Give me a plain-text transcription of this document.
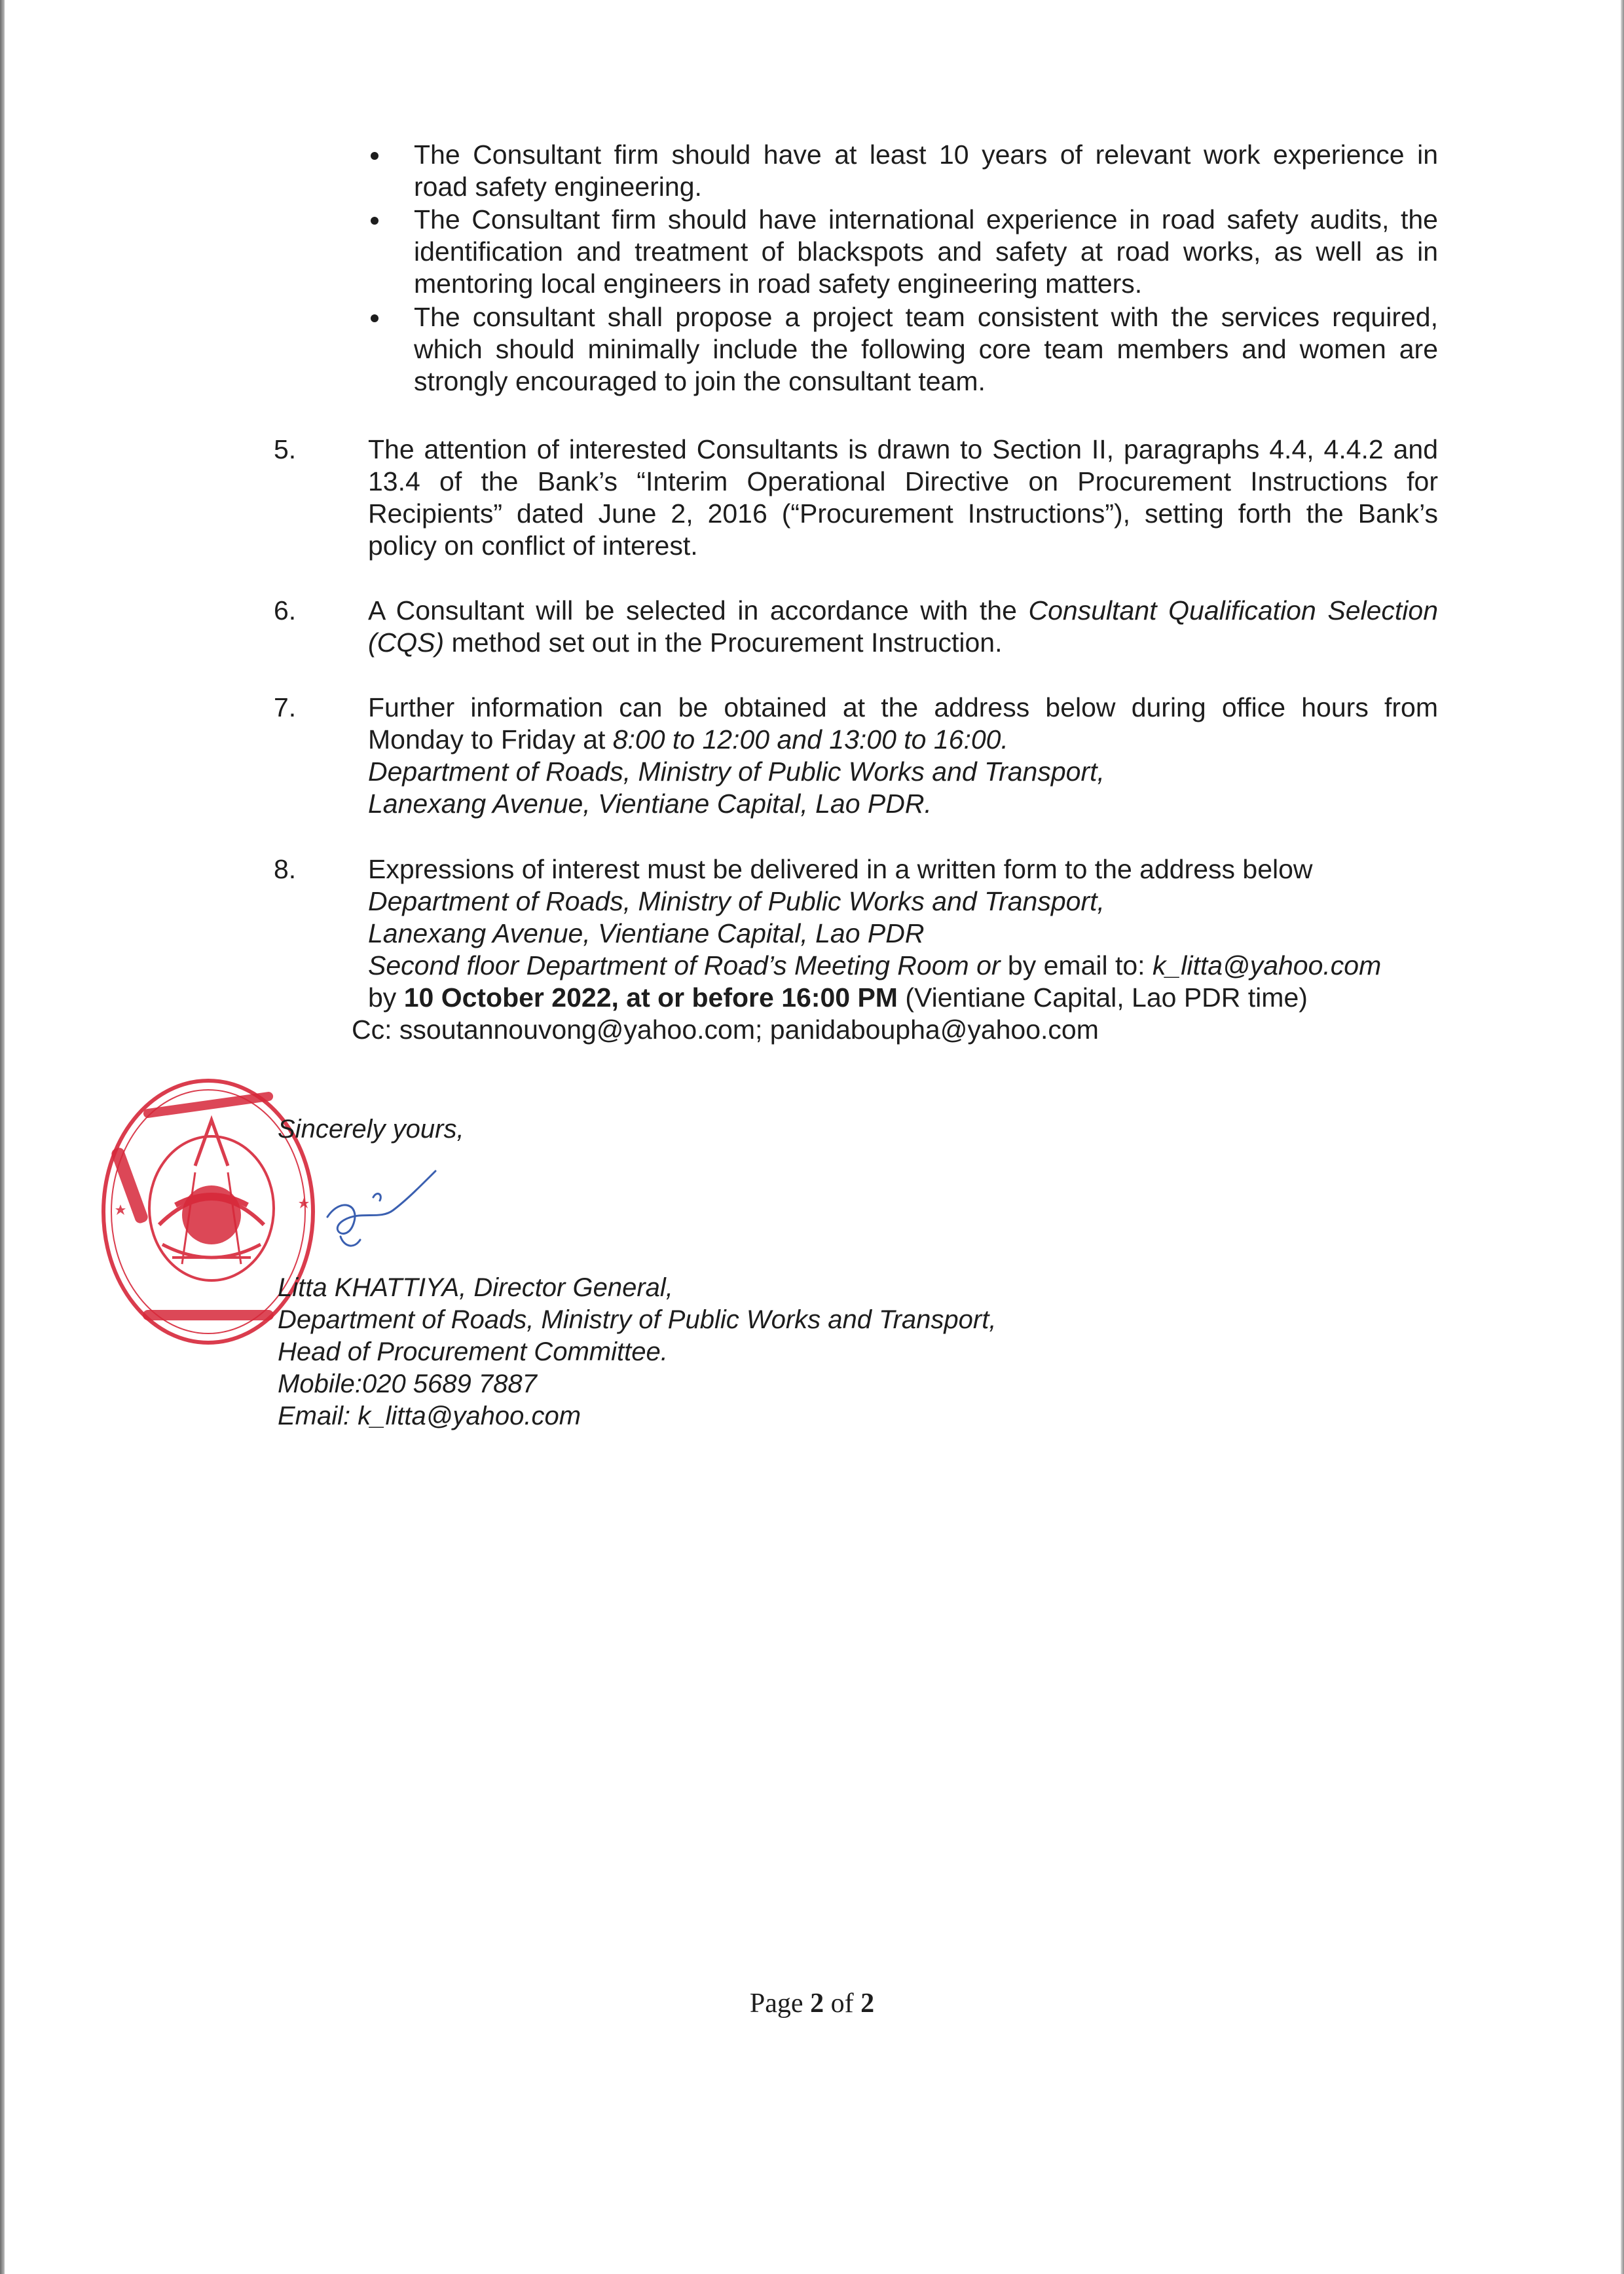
The Consultant firm should have at least 10 years of relevant work experience in
road safety engineering.
The Consultant firm should have international experience in road safety audits, the
identification and treatment of blackspots and safety at road works, as well as in
mentoring local engineers in road safety engineering matters.
The consultant shall propose a project team consistent with the services required,
which should minimally include the following core team members and women are
strongly encouraged to join the consultant team.
5.	The attention of interested Consultants is drawn to Section II, paragraphs 4.4, 4.4.2 and
13.4 of the Bank’s “Interim Operational Directive on Procurement Instructions for
Recipients” dated June 2, 2016 (“Procurement Instructions”), setting forth the Bank’s
policy on conflict of interest.
6.	A Consultant will be selected in accordance with the Consultant Qualification Selection
(CQS) method set out in the Procurement Instruction.
7.	Further information can be obtained at the address below during office hours from
Monday to Friday at 8:00 to 12:00 and 13:00 to 16:00.
Department of Roads, Ministry of Public Works and Transport,
Lanexang Avenue, Vientiane Capital, Lao PDR.
8.	Expressions of interest must be delivered in a written form to the address below
Department of Roads, Ministry of Public Works and Transport,
Lanexang Avenue, Vientiane Capital, Lao PDR
Second floor Department of Road’s Meeting Room or by email to: k_litta@yahoo.com
by 10 October 2022, at or before 16:00 PM (Vientiane Capital, Lao PDR time)
Cc: ssoutannouvong@yahoo.com; panidaboupha@yahoo.com
Sincerely yours,
Litta KHATTIYA, Director General,
Department of Roads, Ministry of Public Works and Transport,
Head of Procurement Committee.
Mobile:020 5689 7887
Email: k_litta@yahoo.com
Page 2 of 2
